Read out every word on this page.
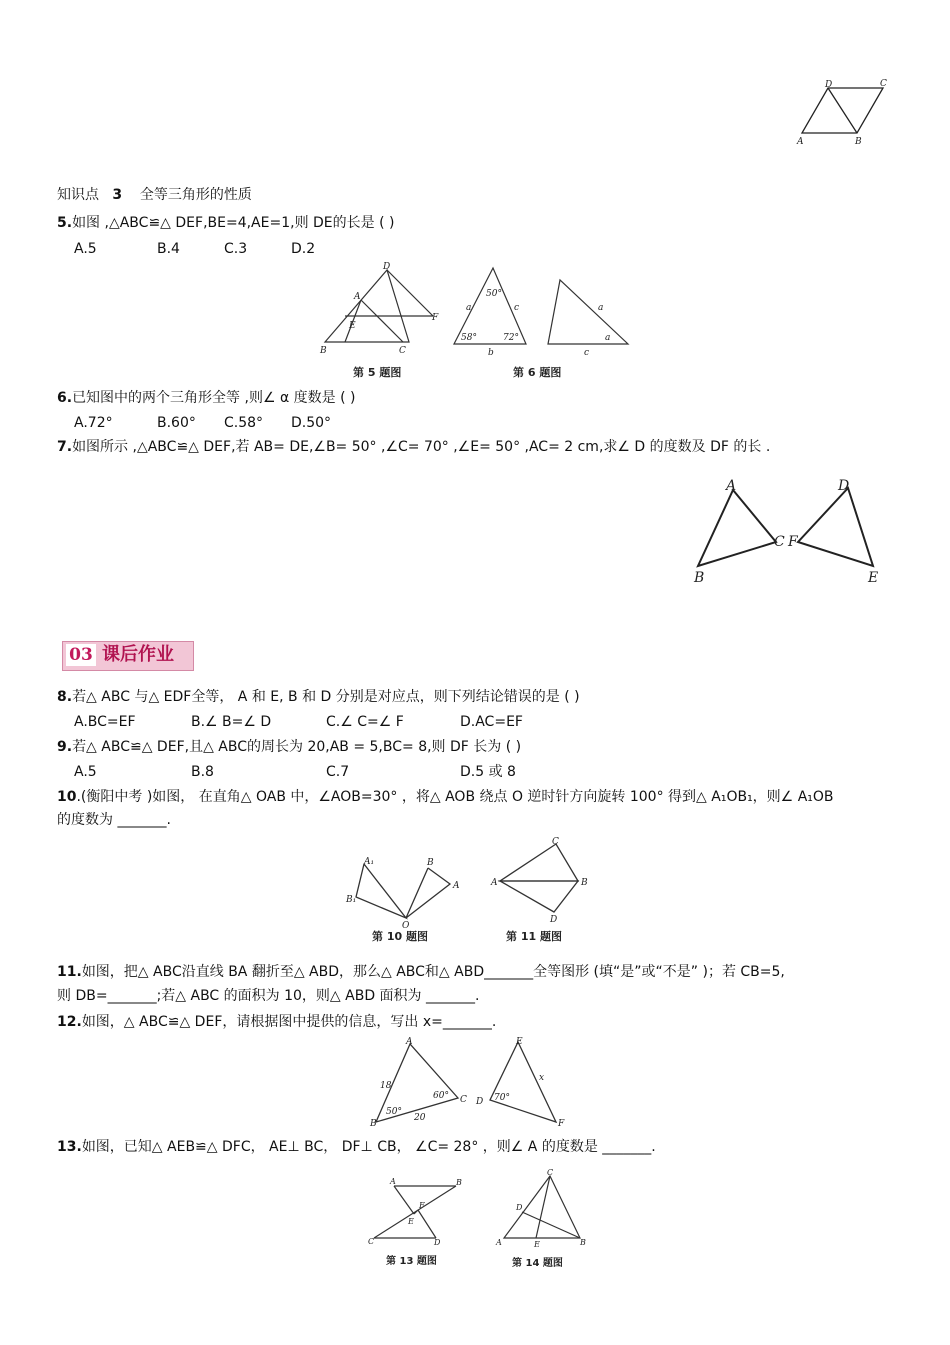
D	C
A	B
知识点 3 全等三角形的性质
5.如图 ,△ABC≌△ DEF,BE=4,AE=1,则 DE的长是 ( )
A.5	B.4	C.3	D.2
D
A
E
F
B	C
第 5 题图
a
50°
c
58°	72°
b
a
a
c
第 6 题图
6.已知图中的两个三角形全等 ,则∠ α 度数是 ( )
A.72°	B.60° C.58° D.50°
7.如图所示 ,△ABC≌△ DEF,若 AB= DE,∠B= 50° ,∠C= 70° ,∠E= 50° ,AC= 2 cm,求∠ D 的度数及 DF 的长 .
A	D
C F
B	E
03 课后作业
8.若△ ABC 与△ EDF全等， A 和 E, B 和 D 分别是对应点，则下列结论错误的是 ( )
A.BC=EF	B.∠ B=∠ D	C.∠ C=∠ F	D.AC=EF
9.若△ ABC≌△ DEF,且△ ABC的周长为 20,AB = 5,BC= 8,则 DF 长为 ( )
A.5	B.8	C.7	D.5 或 8
10.(衡阳中考 )如图， 在直角△ OAB 中，∠AOB=30° ，将△ AOB 绕点 O 逆时针方向旋转 100° 得到△ A₁OB₁，则∠ A₁OB
的度数为 _______.
A₁	B
B₁
A
O
第 10 题图
C
A	B
D
第 11 题图
11.如图，把△ ABC沿直线 BA 翻折至△ ABD，那么△ ABC和△ ABD_______全等图形 (填“是”或“不是” )；若 CB=5,
则 DB=_______;若△ ABC 的面积为 10，则△ ABD 面积为 _______.
12.如图，△ ABC≌△ DEF，请根据图中提供的信息，写出 x=_______.
A	E
18
60°
x
50°
20
C D 70°
B	F
13.如图，已知△ AEB≌△ DFC， AE⊥ BC， DF⊥ CB， ∠C= 28° ，则∠ A 的度数是 _______.
A	B
F
E
C	D
第 13 题图
C
D
A	E	B
第 14 题图
